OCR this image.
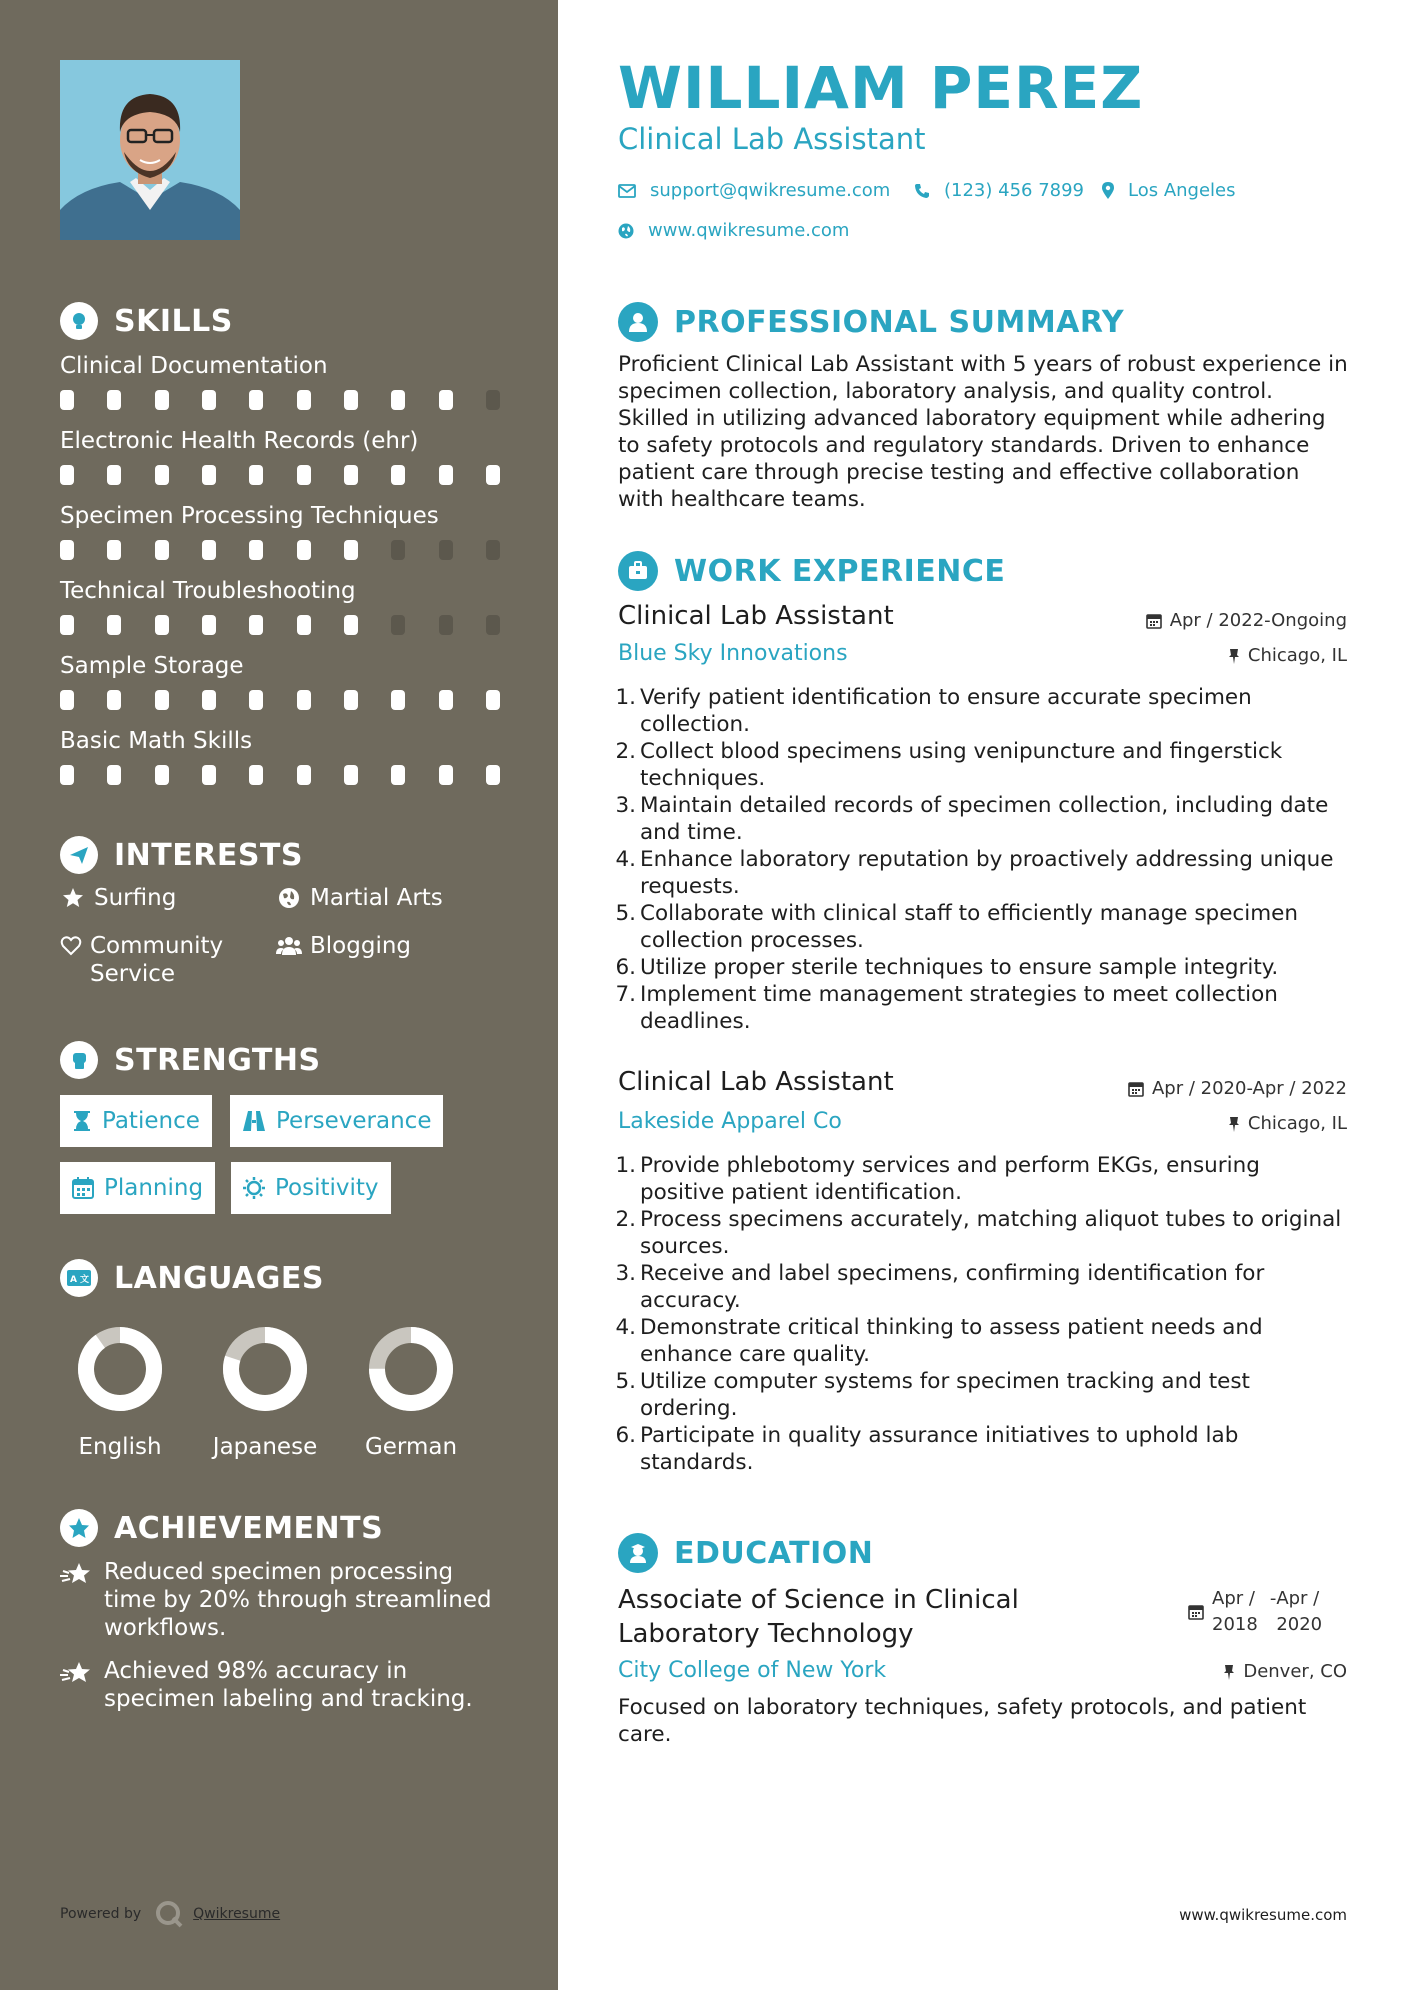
SKILLS
Clinical Documentation
Electronic Health Records (ehr)
Specimen Processing Techniques
Technical Troubleshooting
Sample Storage
Basic Math Skills
INTERESTS
Surfing	Martial Arts
Community Service
Blogging
STRENGTHS
Patience	Perseverance
Planning	Positivity
A 文 LANGUAGES
English	Japanese	German
ACHIEVEMENTS
Reduced specimen processing time by 20% through streamlined workflows.
Achieved 98% accuracy in specimen labeling and tracking.
Powered by	Qwikresume
WILLIAM PEREZ
Clinical Lab Assistant
support@qwikresume.com	(123) 456 7899 Los Angeles
www.qwikresume.com
PROFESSIONAL SUMMARY
Proficient Clinical Lab Assistant with 5 years of robust experience in specimen collection, laboratory analysis, and quality control. Skilled in utilizing advanced laboratory equipment while adhering to safety protocols and regulatory standards. Driven to enhance patient care through precise testing and effective collaboration with healthcare teams.
WORK EXPERIENCE
Clinical Lab Assistant	Apr / 2022-Ongoing
Blue Sky Innovations	Chicago, IL
1. Verify patient identification to ensure accurate specimen collection.
2. Collect blood specimens using venipuncture and fingerstick techniques.
3. Maintain detailed records of specimen collection, including date and time.
4. Enhance laboratory reputation by proactively addressing unique requests.
5. Collaborate with clinical staff to efficiently manage specimen collection processes.
6. Utilize proper sterile techniques to ensure sample integrity.
7. Implement time management strategies to meet collection deadlines.
Clinical Lab Assistant	Apr / 2020-Apr / 2022
Lakeside Apparel Co	Chicago, IL
1. Provide phlebotomy services and perform EKGs, ensuring positive patient identification.
2. Process specimens accurately, matching aliquot tubes to original sources.
3. Receive and label specimens, confirming identification for accuracy.
4. Demonstrate critical thinking to assess patient needs and enhance care quality.
5. Utilize computer systems for specimen tracking and test ordering.
6. Participate in quality assurance initiatives to uphold lab standards.
EDUCATION
Associate of Science in Clinical Laboratory Technology
Apr /
2018
- Apr /
2020
City College of New York	Denver, CO
Focused on laboratory techniques, safety protocols, and patient care.
www.qwikresume.com
